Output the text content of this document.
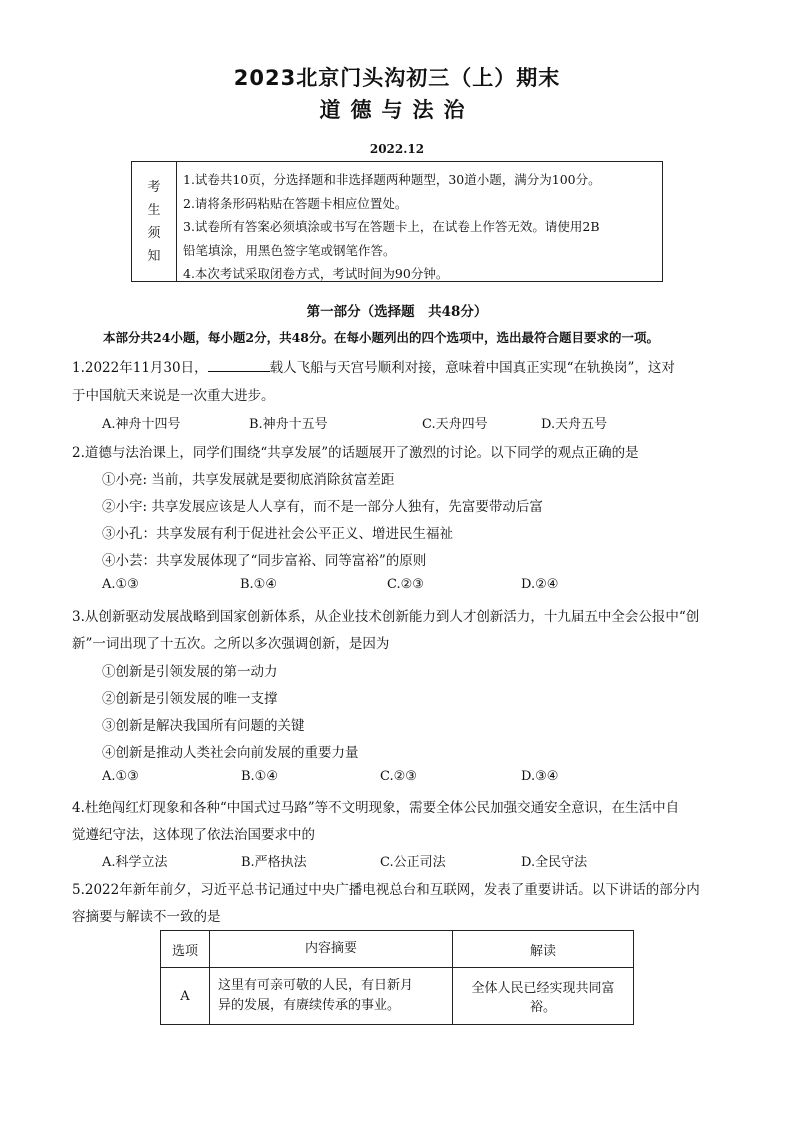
2023北京门头沟初三（上）期末
道德与法治
2022.12
考
生
须
知
1.试卷共10页，分选择题和非选择题两种题型，30道小题，满分为100分。
2.请将条形码粘贴在答题卡相应位置处。
3.试卷所有答案必须填涂或书写在答题卡上，在试卷上作答无效。请使用2B
铅笔填涂，用黑色签字笔或钢笔作答。
4.本次考试采取闭卷方式，考试时间为90分钟。
第一部分（选择题　共48分）
本部分共24小题，每小题2分，共48分。在每小题列出的四个选项中，选出最符合题目要求的一项。
1.2022年11月30日，	载人飞船与天宫号顺利对接，意味着中国真正实现“在轨换岗”，这对
于中国航天来说是一次重大进步。
A.神舟十四号	B.神舟十五号	C.天舟四号	D.天舟五号
2.道德与法治课上，同学们围绕“共享发展”的话题展开了激烈的讨论。以下同学的观点正确的是
①小亮: 当前，共享发展就是要彻底消除贫富差距
②小宇: 共享发展应该是人人享有，而不是一部分人独有，先富要带动后富
③小孔：共享发展有利于促进社会公平正义、增进民生福祉
④小芸：共享发展体现了“同步富裕、同等富裕”的原则
A.①③	B.①④	C.②③	D.②④
3.从创新驱动发展战略到国家创新体系，从企业技术创新能力到人才创新活力，十九届五中全会公报中“创
新”一词出现了十五次。之所以多次强调创新，是因为
①创新是引领发展的第一动力
②创新是引领发展的唯一支撑
③创新是解决我国所有问题的关键
④创新是推动人类社会向前发展的重要力量
A.①③	B.①④	C.②③	D.③④
4.杜绝闯红灯现象和各种“中国式过马路”等不文明现象，需要全体公民加强交通安全意识，在生活中自
觉遵纪守法，这体现了依法治国要求中的
A.科学立法	B.严格执法	C.公正司法	D.全民守法
5.2022年新年前夕，习近平总书记通过中央广播电视总台和互联网，发表了重要讲话。以下讲话的部分内
容摘要与解读不一致的是
选项	内容摘要	解读
A	这里有可亲可敬的人民，有日新月
异的发展，有赓续传承的事业。	全体人民已经实现共同富裕。
